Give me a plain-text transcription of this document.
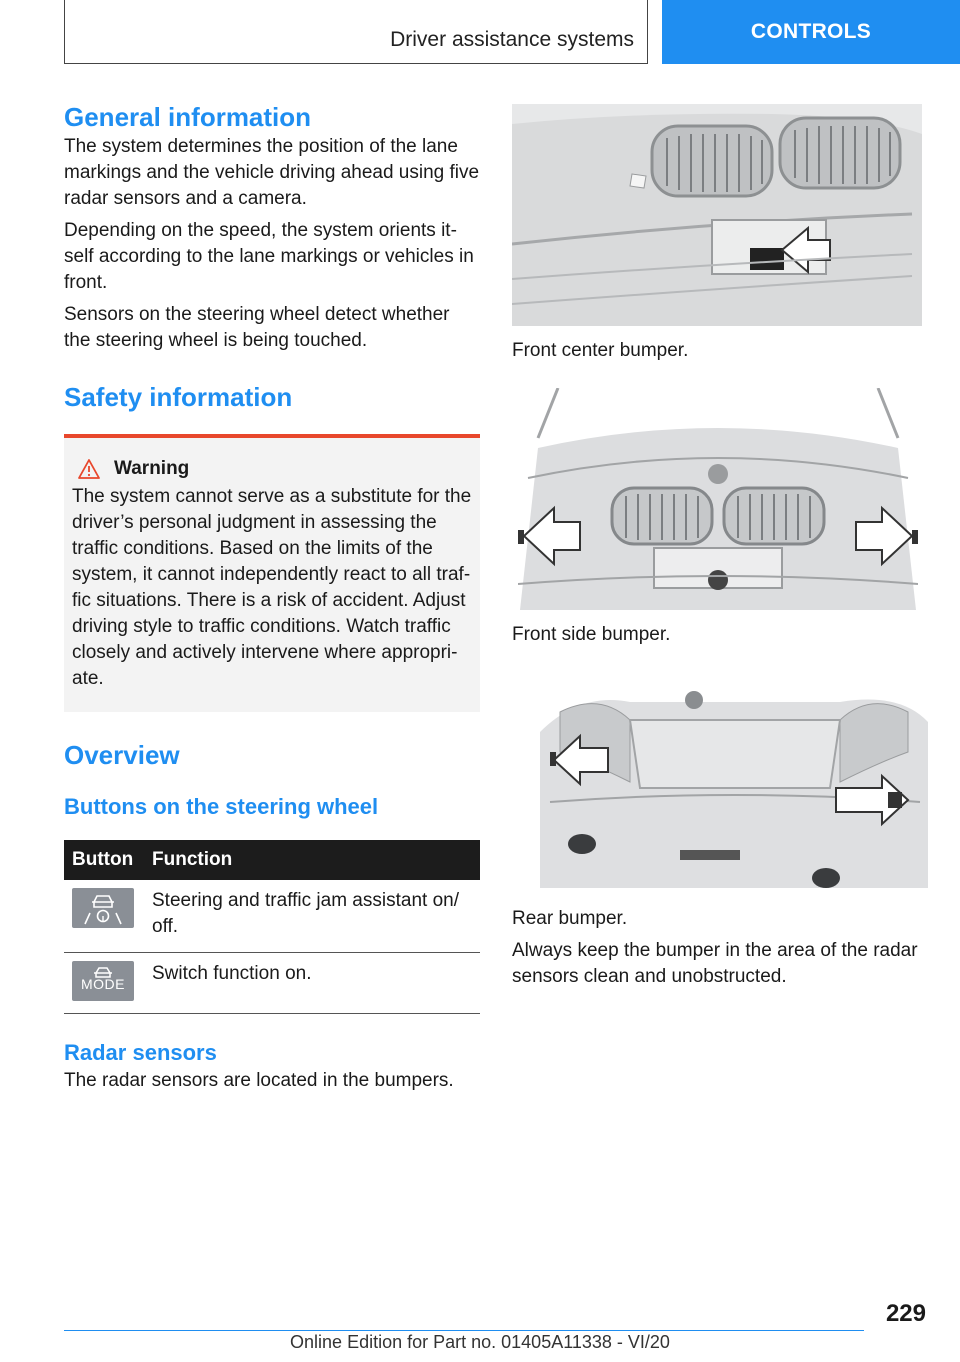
Driver assistance systems	CONTROLS
General information

The system determines the position of the lane markings and the vehicle driving ahead using five radar sensors and a camera.

Depending on the speed, the system orients it-self according to the lane markings or vehicles in front.

Sensors on the steering wheel detect whether the steering wheel is being touched.

Safety information
Warning

The system cannot serve as a substitute for the driver’s personal judgment in assessing the traffic conditions. Based on the limits of the system, it cannot independently react to all traf-fic situations. There is a risk of accident. Adjust driving style to traffic conditions. Watch traffic closely and actively intervene where appropri-ate.

Overview
Buttons on the steering wheel
Button	Function

	Steering and traffic jam assistant on/ off.

MODE	Switch function on.
Radar sensors

The radar sensors are located in the bumpers.

Front center bumper.
Front side bumper.

Rear bumper.

Always keep the bumper in the area of the radar sensors clean and unobstructed.

229
Online Edition for Part no. 01405A11338 - VI/20
